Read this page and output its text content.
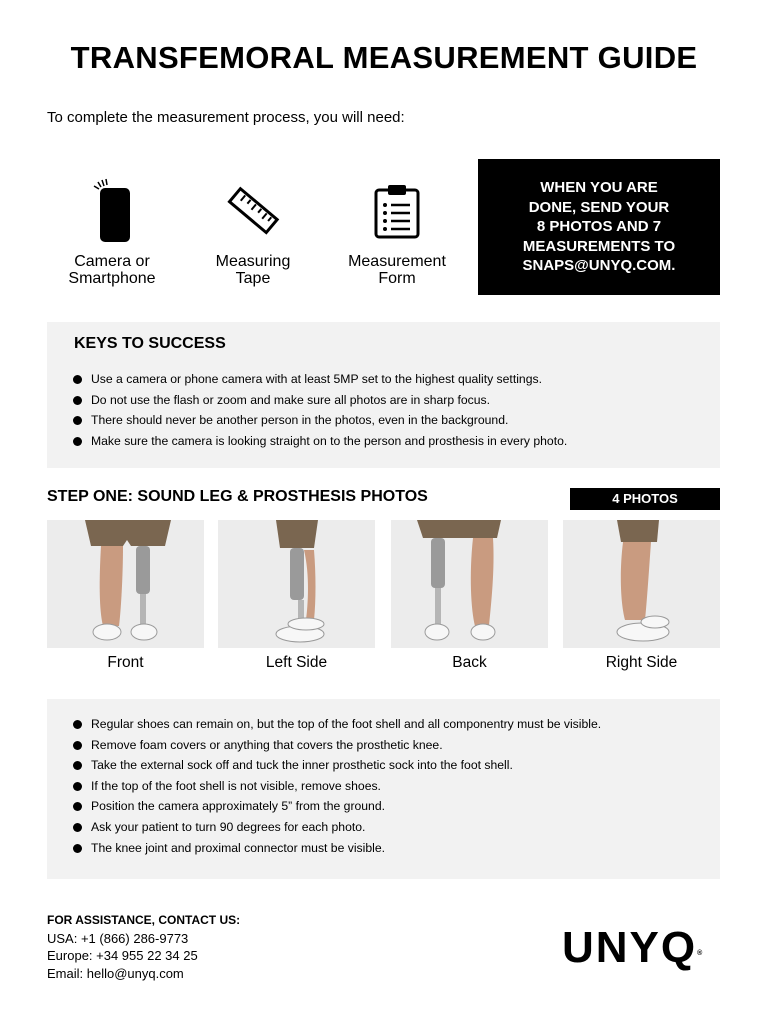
TRANSFEMORAL MEASUREMENT GUIDE
To complete the measurement process, you will need:
Camera or
Smartphone
Measuring
Tape
Measurement
Form
WHEN YOU ARE
DONE, SEND YOUR
8 PHOTOS AND 7
MEASUREMENTS TO
SNAPS@UNYQ.COM.
KEYS TO SUCCESS
Use a camera or phone camera with at least 5MP set to the highest quality settings.
Do not use the flash or zoom and make sure all photos are in sharp focus.
There should never be another person in the photos, even in the background.
Make sure the camera is looking straight on to the person and prosthesis in every photo.
STEP ONE: SOUND LEG & PROSTHESIS PHOTOS	4 PHOTOS
Front	Left Side	Back	Right Side
Regular shoes can remain on, but the top of the foot shell and all componentry must be visible.
Remove foam covers or anything that covers the prosthetic knee.
Take the external sock off and tuck the inner prosthetic sock into the foot shell.
If the top of the foot shell is not visible, remove shoes.
Position the camera approximately 5” from the ground.
Ask your patient to turn 90 degrees for each photo.
The knee joint and proximal connector must be visible.
FOR ASSISTANCE, CONTACT US:
USA: +1 (866) 286-9773
Europe: +34 955 22 34 25
Email: hello@unyq.com
UNYQ®
